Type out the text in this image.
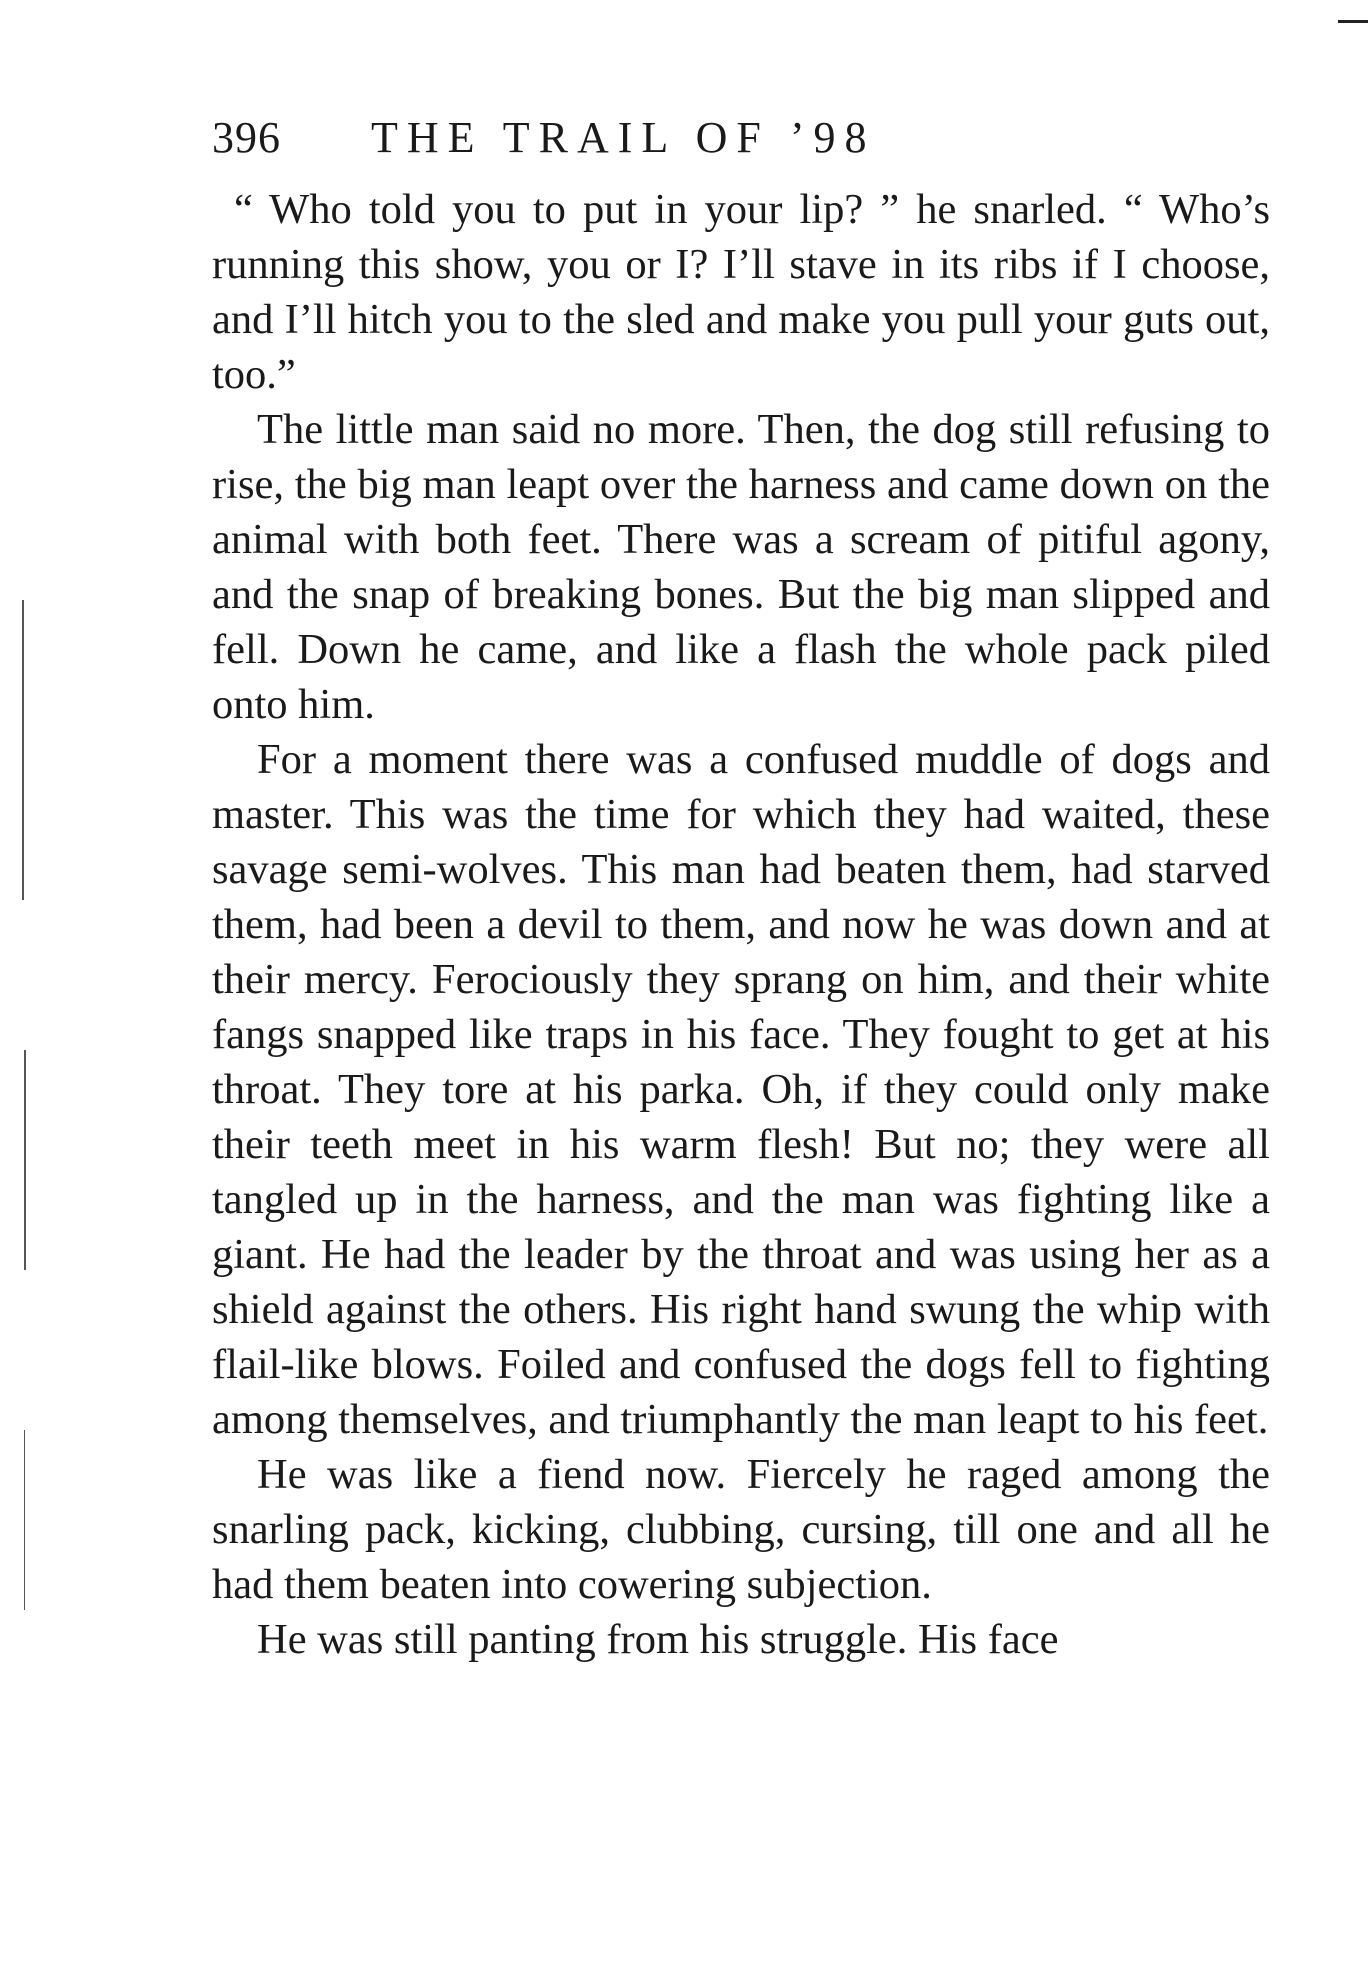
396 THE TRAIL OF ’98

“ Who told you to put in your lip? ” he snarled. “ Who’s running this show, you or I? I’ll stave in its ribs if I choose, and I’ll hitch you to the sled and make you pull your guts out, too.”

The little man said no more. Then, the dog still refusing to rise, the big man leapt over the harness and came down on the animal with both feet. There was a scream of pitiful agony, and the snap of breaking bones. But the big man slipped and fell. Down he came, and like a flash the whole pack piled onto him.

For a moment there was a confused muddle of dogs and master. This was the time for which they had waited, these savage semi-wolves. This man had beaten them, had starved them, had been a devil to them, and now he was down and at their mercy. Ferociously they sprang on him, and their white fangs snapped like traps in his face. They fought to get at his throat. They tore at his parka. Oh, if they could only make their teeth meet in his warm flesh! But no; they were all tangled up in the harness, and the man was fighting like a giant. He had the leader by the throat and was using her as a shield against the others. His right hand swung the whip with flail-like blows. Foiled and confused the dogs fell to fighting among themselves, and triumphantly the man leapt to his feet.

He was like a fiend now. Fiercely he raged among the snarling pack, kicking, clubbing, cursing, till one and all he had them beaten into cowering subjection.

He was still panting from his struggle. His face
